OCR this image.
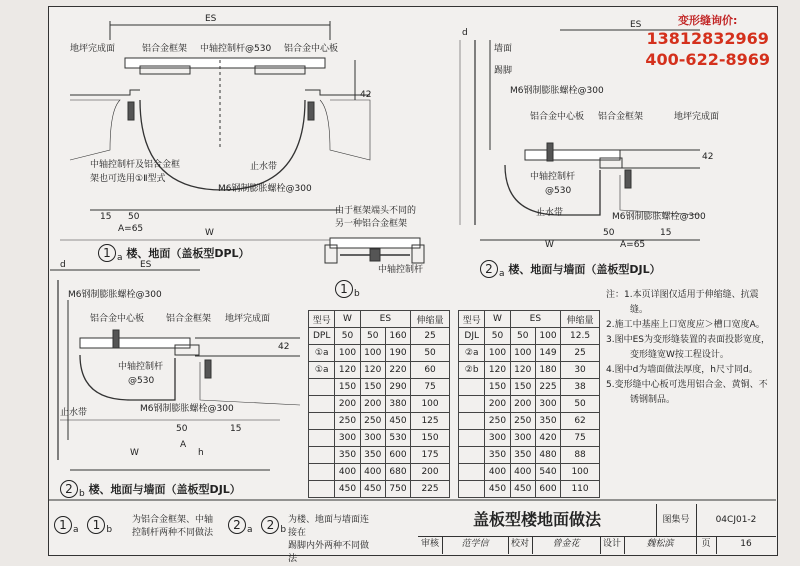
变形缝询价:
13812832969
400-622-8969
ES
地坪完成面	铝合金框架 中轴控制杆@530 铝合金中心板
42
止水带
中轴控制杆及铝合金框
架也可选用①Ⅱ型式
M6钢制膨胀螺栓@300
15 50
A=65	W
1 $_a$ 楼、地面（盖板型DPL）
由于框架端头不同的
另一种铝合金框架
中轴控制杆
1 $_b$
ES
d
墙面
踢脚
M6钢制膨胀螺栓@300
铝合金中心板 铝合金框架	地坪完成面
42
中轴控制杆
@530
止水带	M6钢制膨胀螺栓@300
50	15
A=65
W
2 $_a$ 楼、地面与墙面（盖板型DJL）
d	ES
M6钢制膨胀螺栓@300
铝合金中心板 铝合金框架 地坪完成面
42
中轴控制杆
@530
止水带	M6钢制膨胀螺栓@300
50	15
A
W	h
2 $_b$ 楼、地面与墙面（盖板型DJL）
型号	W	ES		伸缩量
DPL	50	50	160	25
①a	100	100	190	50
①a	120	120	220	60
	150	150	290	75
	200	200	380	100
	250	250	450	125
	300	300	530	150
	350	350	600	175
	400	400	680	200
	450	450	750	225
型号	W	ES		伸缩量
DJL	50	50	100	12.5
②a	100	100	149	25
②b	120	120	180	30
	150	150	225	38
	200	200	300	50
	250	250	350	62
	300	300	420	75
	350	350	480	88
	400	400	540	100
	450	450	600	110
注：1.本页详图仅适用于伸缩缝、抗震缝。
2.施工中基座上口宽度应＞槽口宽度A。
3.图中ES为变形缝装置的表面投影宽度，变形缝宽W按工程设计。
4.图中d为墙面做法厚度，h尺寸同d。
5.变形缝中心板可选用铝合金、黄铜、不锈钢制品。
1 a 1 b
为铝合金框架、中轴
控制杆两种不同做法
2 a 2 b
为楼、地面与墙面连接在
踢脚内外两种不同做法
盖板型楼地面做法	图集号	04CJ01-2
审核	范学信	校对	曾金花	设计	魏松滨	页	16
